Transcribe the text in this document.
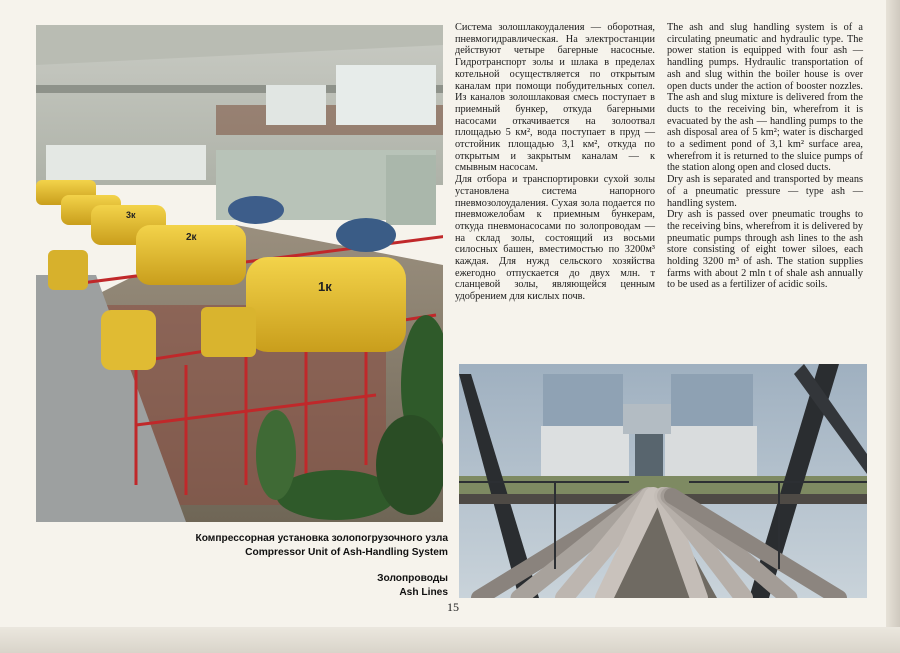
3к
2к
1к
Компрессорная установка золопогрузочного узла
Compressor Unit of Ash-Handling System
Золопроводы
Ash Lines

Система золошлакоудаления — оборотная, пневмогидравлическая. На электростанции действуют четыре багерные насосные. Гидротранспорт золы и шлака в пределах котельной осуществляется по открытым каналам при помощи побудительных сопел. Из каналов золошлаковая смесь поступает в приемный бункер, откуда багерными насосами откачивается на золоотвал площадью 5 км², вода поступает в пруд — отстойник площадью 3,1 км², откуда по открытым и закрытым каналам — к смывным насосам.

Для отбора и транспортировки сухой золы установлена система напорного пневмозолоудаления. Сухая зола подается по пневможелобам к приемным бункерам, откуда пневмонасосами по золопроводам — на склад золы, состоящий из восьми силосных башен, вместимостью по 3200м³ каждая. Для нужд сельского хозяйства ежегодно отпускается до двух млн. т сланцевой золы, являющейся ценным удобрением для кислых почв.

The ash and slug handling system is of a circulating pneumatic and hydraulic type. The power station is equipped with four ash — handling pumps. Hydraulic transportation of ash and slug within the boiler house is over open ducts under the action of booster nozzles. The ash and slug mixture is delivered from the ducts to the receiving bin, wherefrom it is evacuated by the ash — handling pumps to the ash disposal area of 5 km²; water is discharged to a sediment pond of 3,1 km² surface area, wherefrom it is returned to the sluice pumps of the station along open and closed ducts.

Dry ash is separated and transported by means of a pneumatic pressure — type ash — handling system.

Dry ash is passed over pneumatic troughs to the receiving bins, wherefrom it is delivered by pneumatic pumps through ash lines to the ash store consisting of eight tower siloes, each holding 3200 m³ of ash. The station supplies farms with about 2 mln t of shale ash annually to be used as a fertilizer of acidic soils.

15
